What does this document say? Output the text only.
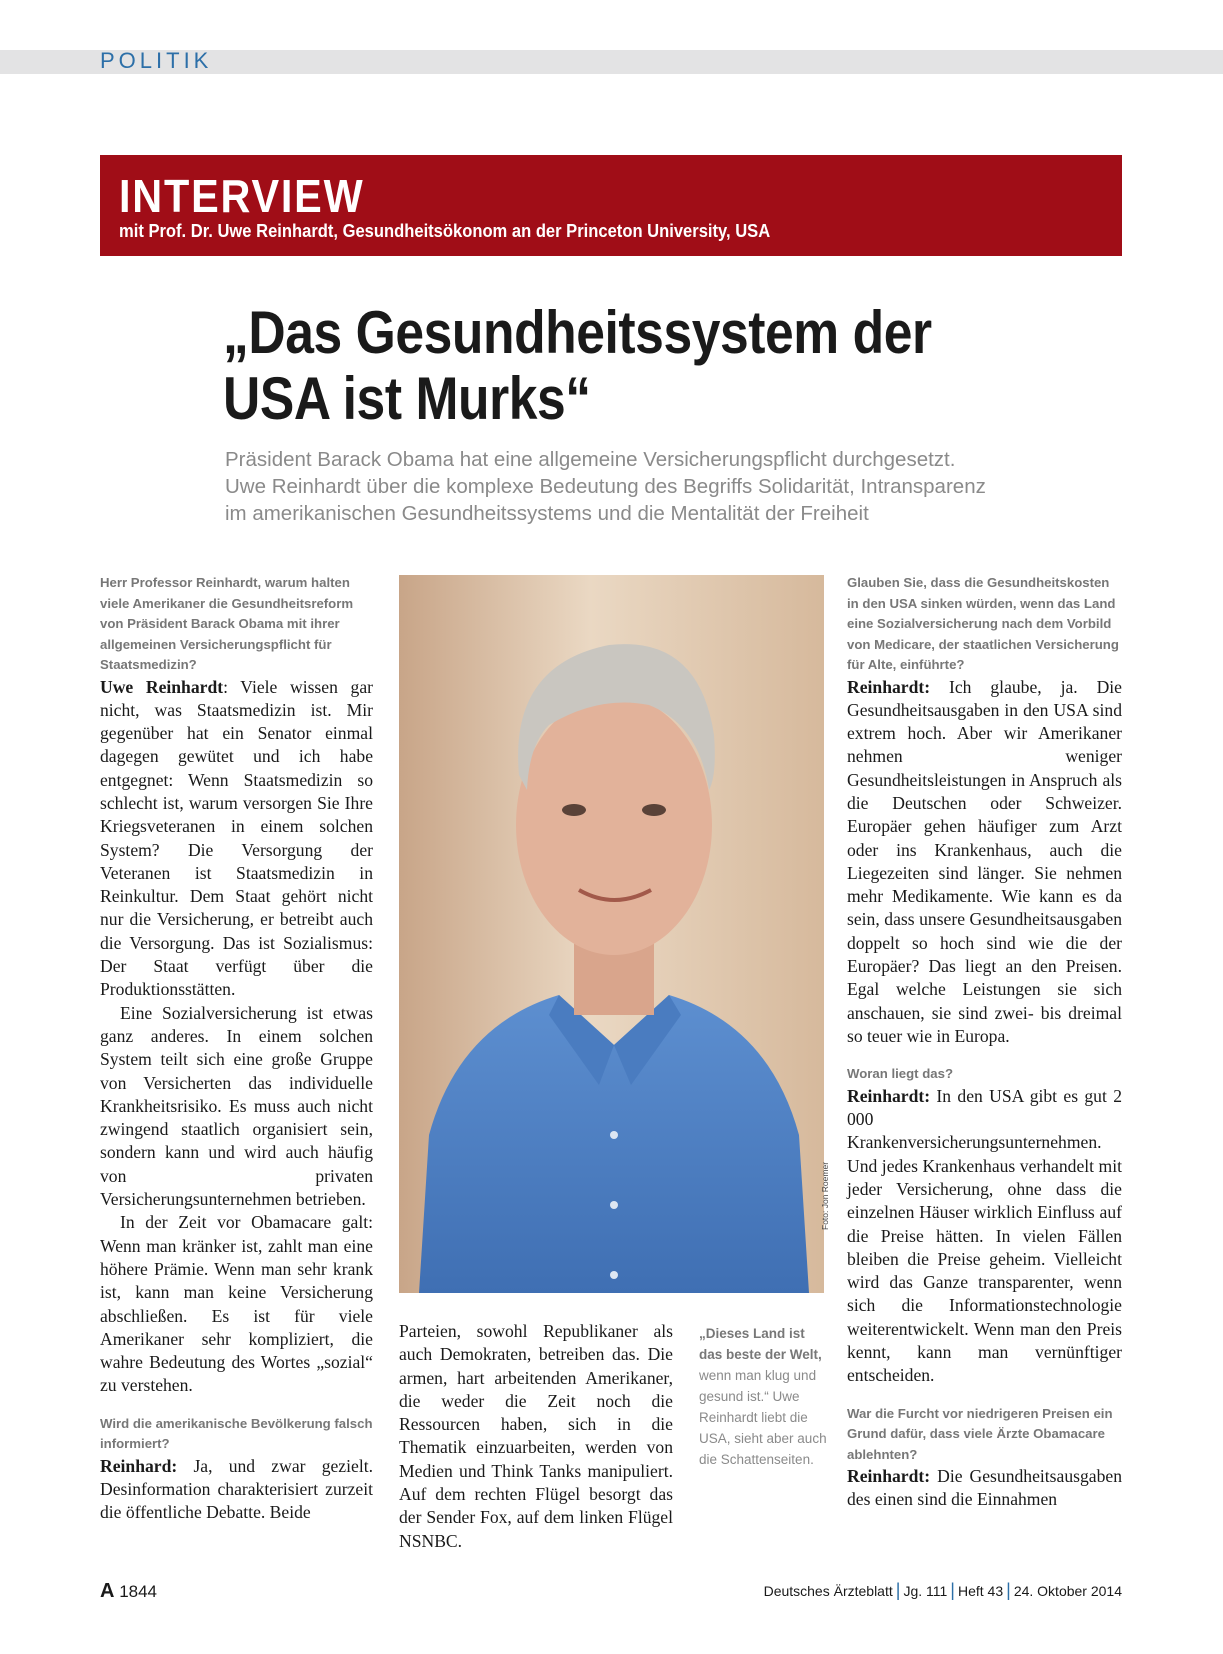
POLITIK
INTERVIEW
mit Prof. Dr. Uwe Reinhardt, Gesundheitsökonom an der Princeton University, USA
„Das Gesundheitssystem der
USA ist Murks“
Präsident Barack Obama hat eine allgemeine Versicherungspflicht durchgesetzt.
Uwe Reinhardt über die komplexe Bedeutung des Begriffs Solidarität, Intransparenz
im amerikanischen Gesundheitssystems und die Mentalität der Freiheit

Herr Professor Reinhardt, warum halten viele Amerikaner die Gesundheitsreform von Präsident Barack Obama mit ihrer allgemeinen Versicherungspflicht für Staatsmedizin?

Uwe Reinhardt: Viele wissen gar nicht, was Staatsmedizin ist. Mir gegenüber hat ein Senator einmal dagegen gewütet und ich habe entgegnet: Wenn Staatsmedizin so schlecht ist, warum versorgen Sie Ihre Kriegsveteranen in einem solchen System? Die Versorgung der Veteranen ist Staatsmedizin in Reinkultur. Dem Staat gehört nicht nur die Versicherung, er betreibt auch die Versorgung. Das ist Sozialismus: Der Staat verfügt über die Produktionsstätten.

Eine Sozialversicherung ist etwas ganz anderes. In einem solchen System teilt sich eine große Gruppe von Versicherten das individuelle Krankheitsrisiko. Es muss auch nicht zwingend staatlich organisiert sein, sondern kann und wird auch häufig von privaten Versicherungsunternehmen betrieben.

In der Zeit vor Obamacare galt: Wenn man kränker ist, zahlt man eine höhere Prämie. Wenn man sehr krank ist, kann man keine Versicherung abschließen. Es ist für viele Amerikaner sehr kompliziert, die wahre Bedeutung des Wortes „sozial“ zu verstehen.

Wird die amerikanische Bevölkerung falsch informiert?

Reinhard: Ja, und zwar gezielt. Desinformation charakterisiert zurzeit die öffentliche Debatte. Beide

Foto: Jon Roemer

Parteien, sowohl Republikaner als auch Demokraten, betreiben das. Die armen, hart arbeitenden Amerikaner, die weder die Zeit noch die Ressourcen haben, sich in die Thematik einzuarbeiten, werden von Medien und Think Tanks manipuliert. Auf dem rechten Flügel besorgt das der Sender Fox, auf dem linken Flügel NSNBC.

„Dieses Land ist das beste der Welt, wenn man klug und gesund ist.“ Uwe Reinhardt liebt die USA, sieht aber auch die Schattenseiten.

Glauben Sie, dass die Gesundheitskosten in den USA sinken würden, wenn das Land eine Sozialversicherung nach dem Vorbild von Medicare, der staatlichen Versicherung für Alte, einführte?

Reinhardt: Ich glaube, ja. Die Gesundheitsausgaben in den USA sind extrem hoch. Aber wir Amerikaner nehmen weniger Gesundheitsleistungen in Anspruch als die Deutschen oder Schweizer. Europäer gehen häufiger zum Arzt oder ins Krankenhaus, auch die Liegezeiten sind länger. Sie nehmen mehr Medikamente. Wie kann es da sein, dass unsere Gesundheitsausgaben doppelt so hoch sind wie die der Europäer? Das liegt an den Preisen. Egal welche Leistungen sie sich anschauen, sie sind zwei- bis dreimal so teuer wie in Europa.

Woran liegt das?

Reinhardt: In den USA gibt es gut 2 000 Krankenversicherungsunternehmen. Und jedes Krankenhaus verhandelt mit jeder Versicherung, ohne dass die einzelnen Häuser wirklich Einfluss auf die Preise hätten. In vielen Fällen bleiben die Preise geheim. Vielleicht wird das Ganze transparenter, wenn sich die Informationstechnologie weiterentwickelt. Wenn man den Preis kennt, kann man vernünftiger entscheiden.

War die Furcht vor niedrigeren Preisen ein Grund dafür, dass viele Ärzte Obamacare ablehnten?

Reinhardt: Die Gesundheitsausgaben des einen sind die Einnahmen

A 1844	Deutsches Ärzteblatt | Jg. 111 | Heft 43 | 24. Oktober 2014
